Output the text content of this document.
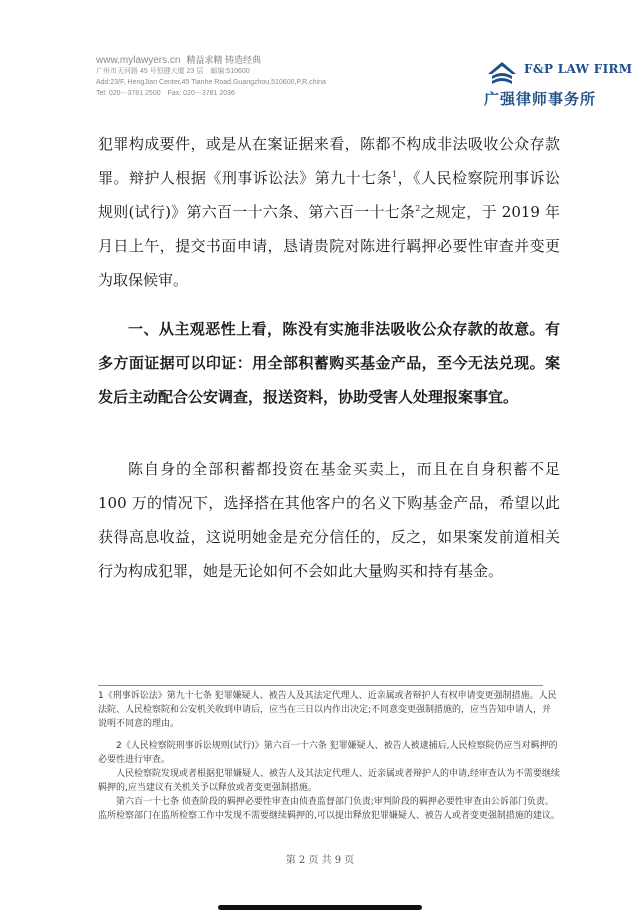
www.mylawyers.cn 精益求精 铸造经典
广州市天河路 45 号恒健大厦 23 层　邮编:510600
Add:23/F, HengJian Center,45 Tianhe Road,Guangzhou,510600,P,R,china
Tel: 020－3781 2500　Fax: 020－3781 2036
F&P LAW FIRM
广强律师事务所

犯罪构成要件，或是从在案证据来看，陈都不构成非法吸收公众存款罪。辩护人根据《刑事诉讼法》第九十七条$^1$，《人民检察院刑事诉讼规则(试行)》第六百一十六条、第六百一十七条$^2$之规定，于 2019 年月日上午，提交书面申请，恳请贵院对陈进行羁押必要性审查并变更为取保候审。

一、从主观恶性上看，陈没有实施非法吸收公众存款的故意。有多方面证据可以印证：用全部积蓄购买基金产品，至今无法兑现。案发后主动配合公安调查，报送资料，协助受害人处理报案事宜。

陈自身的全部积蓄都投资在基金买卖上，而且在自身积蓄不足 100 万的情况下，选择搭在其他客户的名义下购基金产品，希望以此获得高息收益，这说明她金是充分信任的，反之，如果案发前道相关行为构成犯罪，她是无论如何不会如此大量购买和持有基金。

1《刑事诉讼法》第九十七条 犯罪嫌疑人、被告人及其法定代理人、近亲属或者辩护人有权申请变更强制措施。人民法院、人民检察院和公安机关收到申请后，应当在三日以内作出决定;不同意变更强制措施的，应当告知申请人，并说明不同意的理由。

2《人民检察院刑事诉讼规则(试行)》第六百一十六条 犯罪嫌疑人、被告人被逮捕后,人民检察院仍应当对羁押的必要性进行审查。

人民检察院发现或者根据犯罪嫌疑人、被告人及其法定代理人、近亲属或者辩护人的申请,经审查认为不需要继续羁押的,应当建议有关机关予以释放或者变更强制措施。

第六百一十七条 侦查阶段的羁押必要性审查由侦查监督部门负责;审判阶段的羁押必要性审查由公诉部门负责。监所检察部门在监所检察工作中发现不需要继续羁押的,可以提出释放犯罪嫌疑人、被告人或者变更强制措施的建议。

第 2 页 共 9 页
